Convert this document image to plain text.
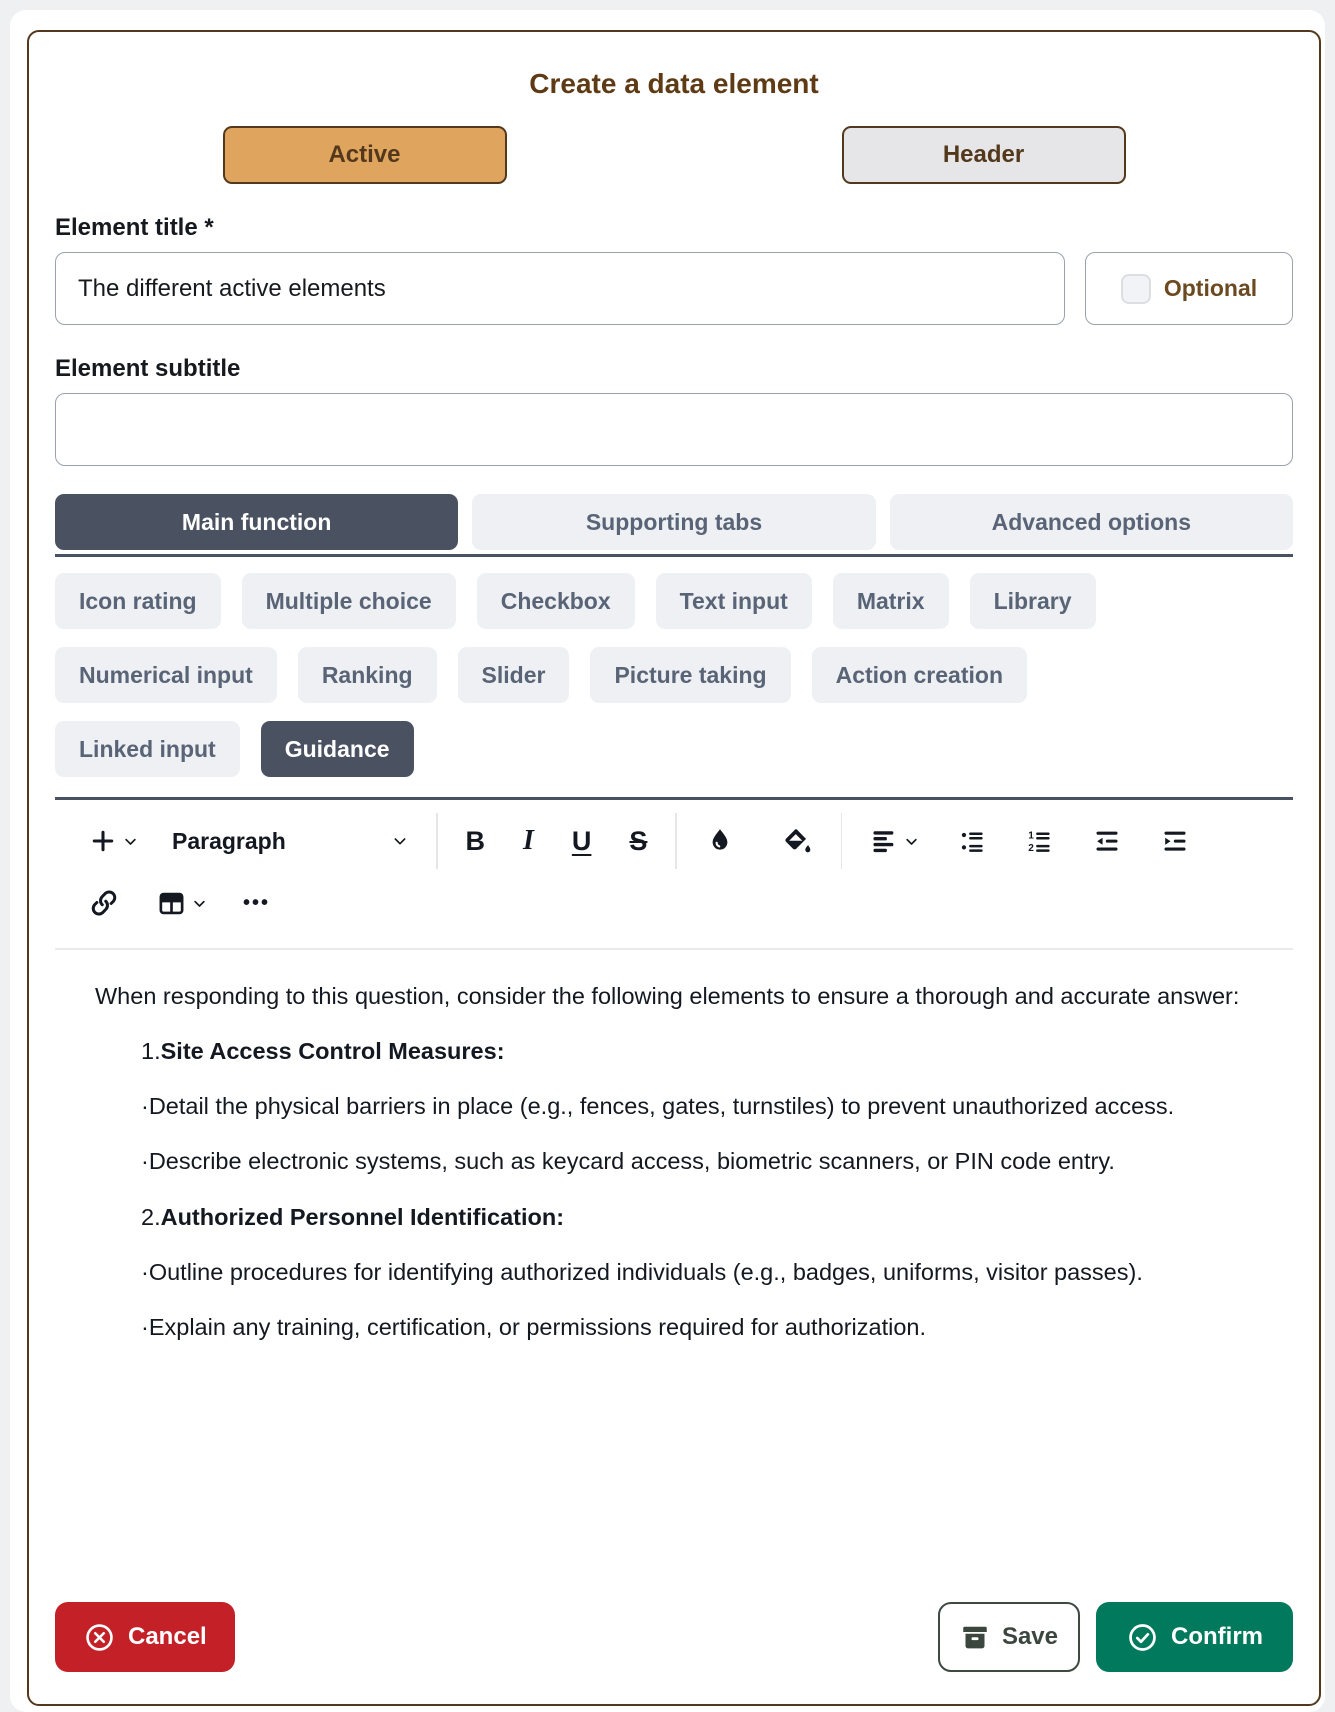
Create a data element
Active	Header
Element title *
The different active elements
Optional
Element subtitle
Main function	Supporting tabs	Advanced options
Icon rating	Multiple choice	Checkbox	Text input	Matrix	Library
Numerical input	Ranking	Slider	Picture taking	Action creation
Linked input	Guidance
Paragraph	B I U S	1
2
•••

When responding to this question, consider the following elements to ensure a thorough and accurate answer:

1.Site Access Control Measures:

·Detail the physical barriers in place (e.g., fences, gates, turnstiles) to prevent unauthorized access.

·Describe electronic systems, such as keycard access, biometric scanners, or PIN code entry.

2.Authorized Personnel Identification:

·Outline procedures for identifying authorized individuals (e.g., badges, uniforms, visitor passes).

·Explain any training, certification, or permissions required for authorization.

Cancel	Save	Confirm
